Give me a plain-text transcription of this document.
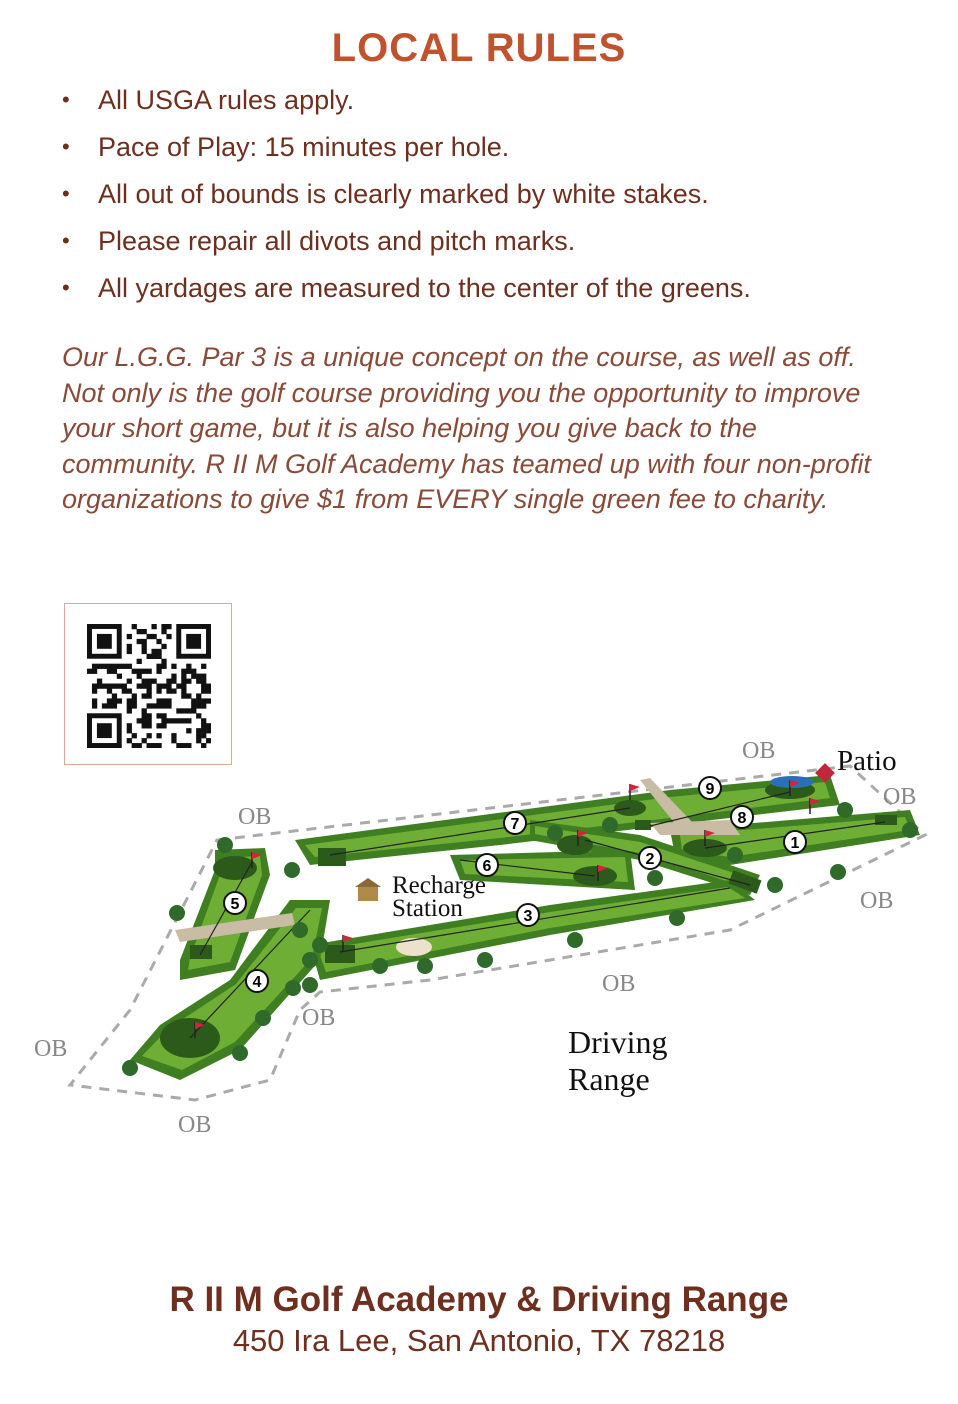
LOCAL RULES
• All USGA rules apply.
• Pace of Play: 15 minutes per hole.
• All out of bounds is clearly marked by white stakes.
• Please repair all divots and pitch marks.
• All yardages are measured to the center of the greens.
Our L.G.G. Par 3 is a unique concept on the course, as well as off. Not only is the golf course providing you the opportunity to improve your short game, but it is also helping you give back to the community. R II M Golf Academy has teamed up with four non-profit organizations to give $1 from EVERY single green fee to charity.
1
2
3
4
5
6
7	8
9
OB
OB
OB
OB
OB
OB
OB
OB
Patio
Recharge
Station
Driving
Range
R II M Golf Academy & Driving Range
450 Ira Lee, San Antonio, TX 78218
